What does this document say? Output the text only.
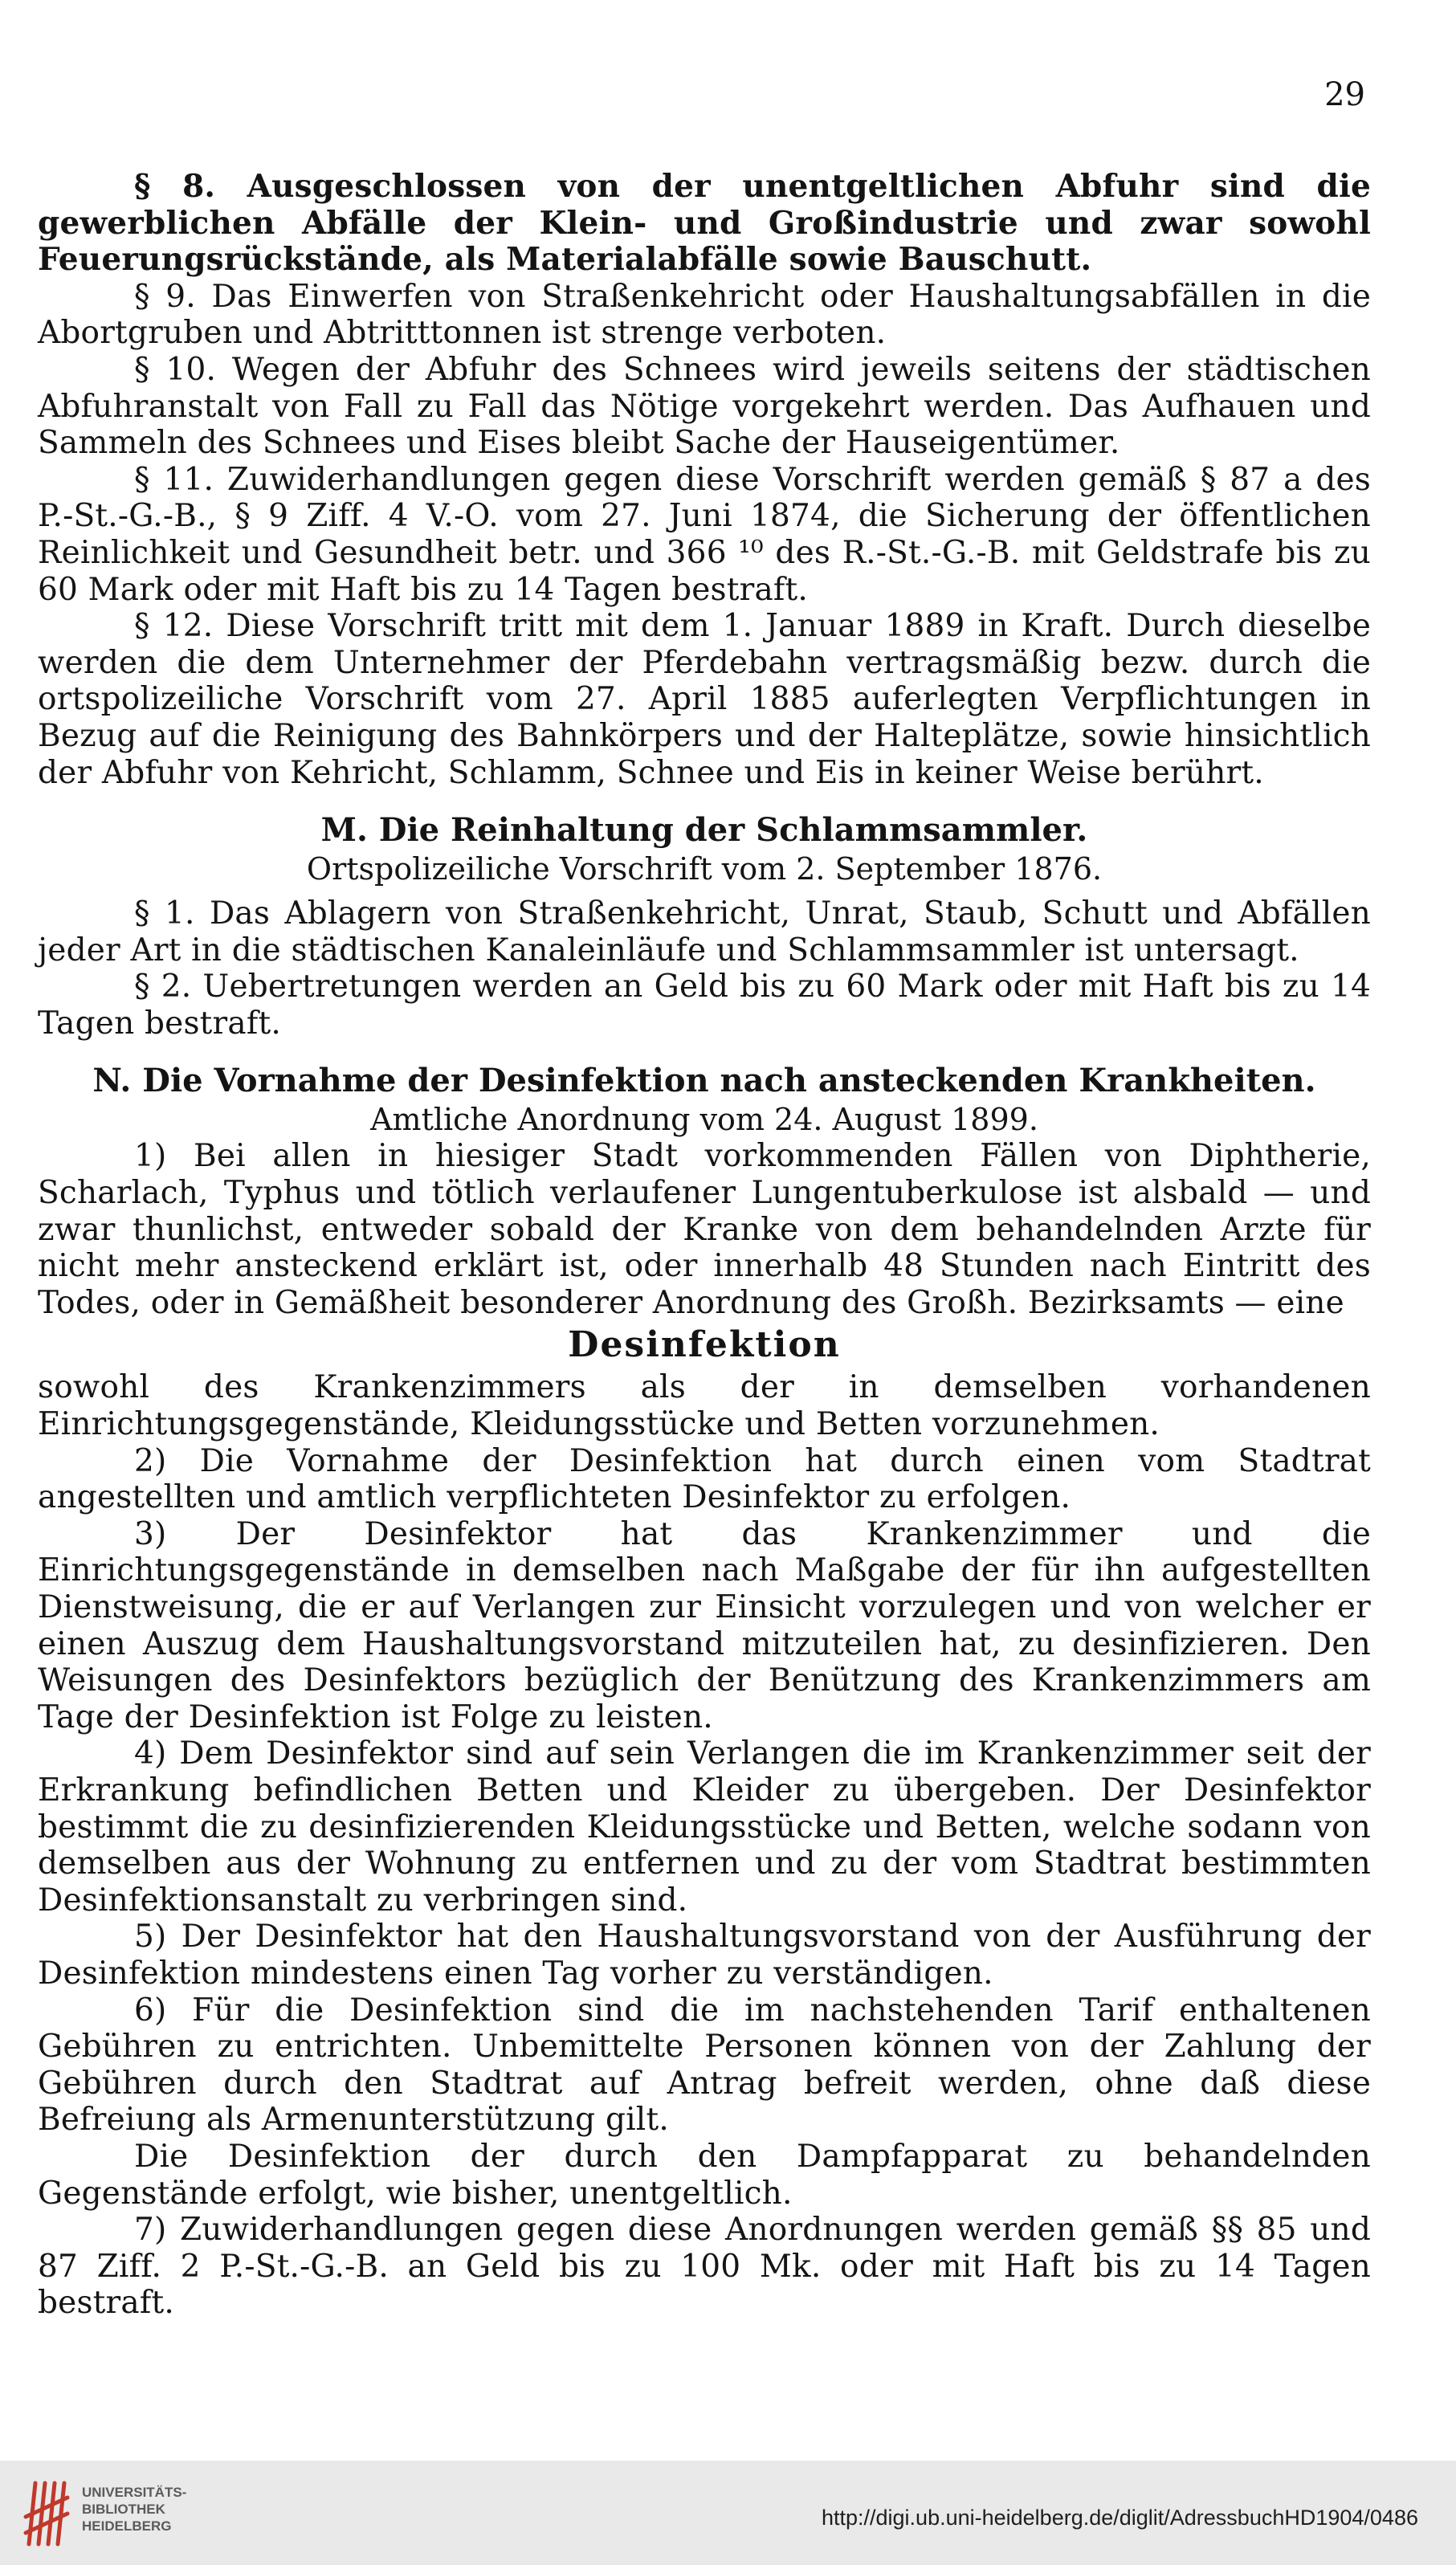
29

§ 8. Ausgeschlossen von der unentgeltlichen Abfuhr sind die gewerblichen Abfälle der Klein- und Großindustrie und zwar sowohl Feuerungsrückstände, als Materialabfälle sowie Bauschutt.

§ 9. Das Einwerfen von Straßenkehricht oder Haushaltungsabfällen in die Abortgruben und Abtritttonnen ist strenge verboten.

§ 10. Wegen der Abfuhr des Schnees wird jeweils seitens der städtischen Abfuhranstalt von Fall zu Fall das Nötige vorgekehrt werden. Das Aufhauen und Sammeln des Schnees und Eises bleibt Sache der Hauseigentümer.

§ 11. Zuwiderhandlungen gegen diese Vorschrift werden gemäß § 87 a des P.-St.-G.-B., § 9 Ziff. 4 V.-O. vom 27. Juni 1874, die Sicherung der öffentlichen Reinlichkeit und Gesundheit betr. und 366 ¹⁰ des R.-St.-G.-B. mit Geldstrafe bis zu 60 Mark oder mit Haft bis zu 14 Tagen bestraft.

§ 12. Diese Vorschrift tritt mit dem 1. Januar 1889 in Kraft. Durch dieselbe werden die dem Unternehmer der Pferdebahn vertragsmäßig bezw. durch die ortspolizeiliche Vorschrift vom 27. April 1885 auferlegten Verpflichtungen in Bezug auf die Reinigung des Bahnkörpers und der Halteplätze, sowie hinsichtlich der Abfuhr von Kehricht, Schlamm, Schnee und Eis in keiner Weise berührt.

M. Die Reinhaltung der Schlammsammler.

Ortspolizeiliche Vorschrift vom 2. September 1876.

§ 1. Das Ablagern von Straßenkehricht, Unrat, Staub, Schutt und Abfällen jeder Art in die städtischen Kanaleinläufe und Schlammsammler ist untersagt.

§ 2. Uebertretungen werden an Geld bis zu 60 Mark oder mit Haft bis zu 14 Tagen bestraft.

N. Die Vornahme der Desinfektion nach ansteckenden Krankheiten.

Amtliche Anordnung vom 24. August 1899.

1) Bei allen in hiesiger Stadt vorkommenden Fällen von Diphtherie, Scharlach, Typhus und tötlich verlaufener Lungentuberkulose ist alsbald — und zwar thunlichst, entweder sobald der Kranke von dem behandelnden Arzte für nicht mehr ansteckend erklärt ist, oder innerhalb 48 Stunden nach Eintritt des Todes, oder in Gemäßheit besonderer Anordnung des Großh. Bezirksamts — eine

Desinfektion

sowohl des Krankenzimmers als der in demselben vorhandenen Einrichtungsgegenstände, Kleidungsstücke und Betten vorzunehmen.

2) Die Vornahme der Desinfektion hat durch einen vom Stadtrat angestellten und amtlich verpflichteten Desinfektor zu erfolgen.

3) Der Desinfektor hat das Krankenzimmer und die Einrichtungsgegenstände in demselben nach Maßgabe der für ihn aufgestellten Dienstweisung, die er auf Verlangen zur Einsicht vorzulegen und von welcher er einen Auszug dem Haushaltungsvorstand mitzuteilen hat, zu desinfizieren. Den Weisungen des Desinfektors bezüglich der Benützung des Krankenzimmers am Tage der Desinfektion ist Folge zu leisten.

4) Dem Desinfektor sind auf sein Verlangen die im Krankenzimmer seit der Erkrankung befindlichen Betten und Kleider zu übergeben. Der Desinfektor bestimmt die zu desinfizierenden Kleidungsstücke und Betten, welche sodann von demselben aus der Wohnung zu entfernen und zu der vom Stadtrat bestimmten Desinfektionsanstalt zu verbringen sind.

5) Der Desinfektor hat den Haushaltungsvorstand von der Ausführung der Desinfektion mindestens einen Tag vorher zu verständigen.

6) Für die Desinfektion sind die im nachstehenden Tarif enthaltenen Gebühren zu entrichten. Unbemittelte Personen können von der Zahlung der Gebühren durch den Stadtrat auf Antrag befreit werden, ohne daß diese Befreiung als Armenunterstützung gilt.

Die Desinfektion der durch den Dampfapparat zu behandelnden Gegenstände erfolgt, wie bisher, unentgeltlich.

7) Zuwiderhandlungen gegen diese Anordnungen werden gemäß §§ 85 und 87 Ziff. 2 P.-St.-G.-B. an Geld bis zu 100 Mk. oder mit Haft bis zu 14 Tagen bestraft.

UNIVERSITÄTS-
BIBLIOTHEK
HEIDELBERG	http://digi.ub.uni-heidelberg.de/diglit/AdressbuchHD1904/0486
